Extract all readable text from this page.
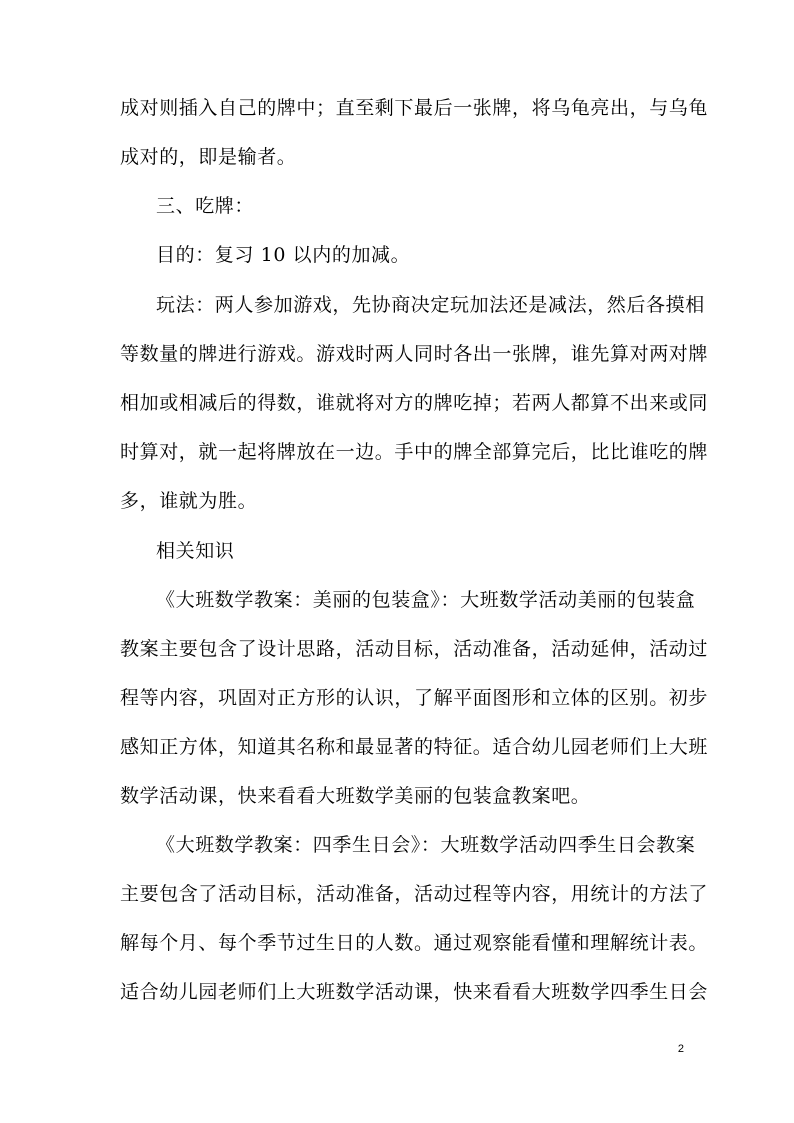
成对则插入自己的牌中；直至剩下最后一张牌，将乌龟亮出，与乌龟
成对的，即是输者。
三、吃牌：
目的：复习 10 以内的加减。
玩法：两人参加游戏，先协商决定玩加法还是减法，然后各摸相
等数量的牌进行游戏。游戏时两人同时各出一张牌，谁先算对两对牌
相加或相减后的得数，谁就将对方的牌吃掉；若两人都算不出来或同
时算对，就一起将牌放在一边。手中的牌全部算完后，比比谁吃的牌
多，谁就为胜。
相关知识
《大班数学教案：美丽的包装盒》：大班数学活动美丽的包装盒
教案主要包含了设计思路，活动目标，活动准备，活动延伸，活动过
程等内容，巩固对正方形的认识，了解平面图形和立体的区别。初步
感知正方体，知道其名称和最显著的特征。适合幼儿园老师们上大班
数学活动课，快来看看大班数学美丽的包装盒教案吧。
《大班数学教案：四季生日会》：大班数学活动四季生日会教案
主要包含了活动目标，活动准备，活动过程等内容，用统计的方法了
解每个月、每个季节过生日的人数。通过观察能看懂和理解统计表。
适合幼儿园老师们上大班数学活动课，快来看看大班数学四季生日会
2
